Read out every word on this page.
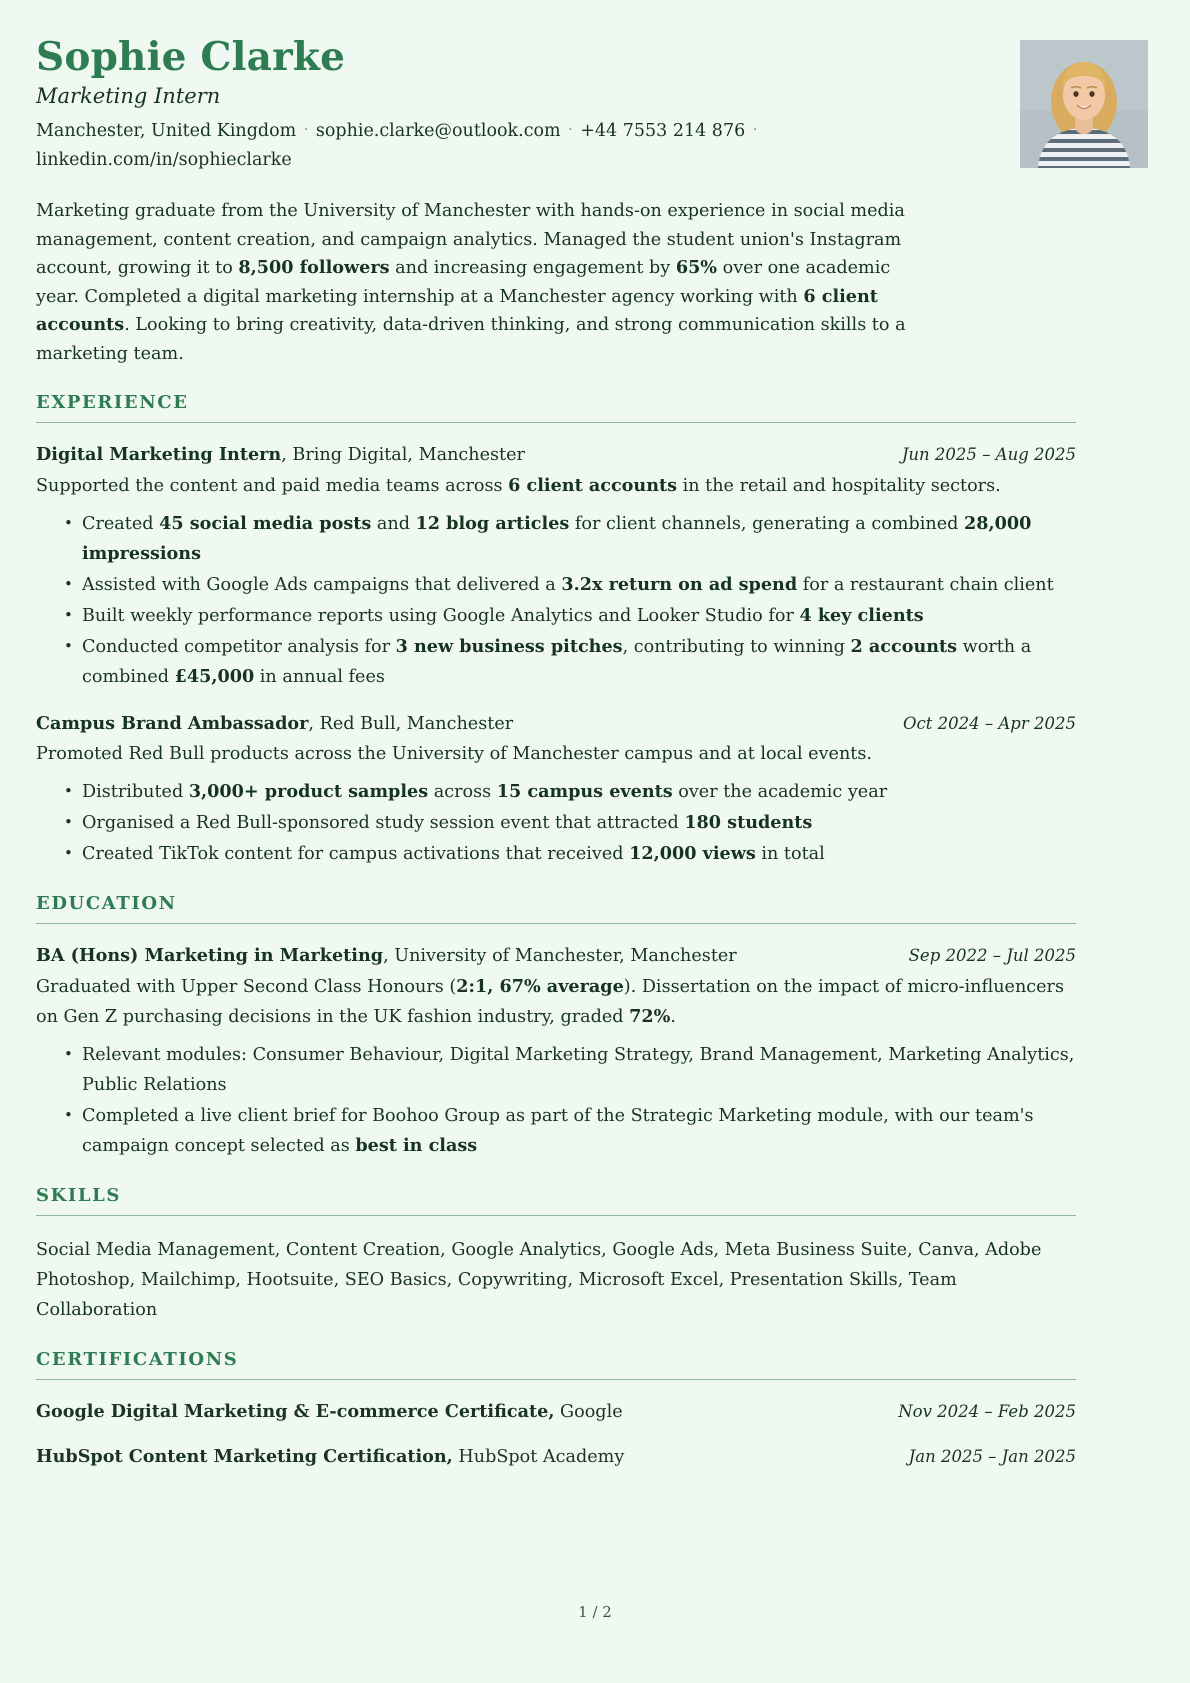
Sophie Clarke
Marketing Intern
Manchester, United Kingdom · sophie.clarke@outlook.com · +44 7553 214 876 · linkedin.com/in/sophieclarke

Marketing graduate from the University of Manchester with hands-on experience in social media management, content creation, and campaign analytics. Managed the student union's Instagram account, growing it to 8,500 followers and increasing engagement by 65% over one academic year. Completed a digital marketing internship at a Manchester agency working with 6 client accounts. Looking to bring creativity, data-driven thinking, and strong communication skills to a marketing team.

EXPERIENCE
Digital Marketing Intern, Bring Digital, Manchester	Jun 2025 – Aug 2025
Supported the content and paid media teams across 6 client accounts in the retail and hospitality sectors.
• Created 45 social media posts and 12 blog articles for client channels, generating a combined 28,000 impressions
• Assisted with Google Ads campaigns that delivered a 3.2x return on ad spend for a restaurant chain client
• Built weekly performance reports using Google Analytics and Looker Studio for 4 key clients
• Conducted competitor analysis for 3 new business pitches, contributing to winning 2 accounts worth a combined £45,000 in annual fees
Campus Brand Ambassador, Red Bull, Manchester	Oct 2024 – Apr 2025
Promoted Red Bull products across the University of Manchester campus and at local events.
• Distributed 3,000+ product samples across 15 campus events over the academic year
• Organised a Red Bull-sponsored study session event that attracted 180 students
• Created TikTok content for campus activations that received 12,000 views in total
EDUCATION
BA (Hons) Marketing in Marketing, University of Manchester, Manchester	Sep 2022 – Jul 2025
Graduated with Upper Second Class Honours (2:1, 67% average). Dissertation on the impact of micro-influencers on Gen Z purchasing decisions in the UK fashion industry, graded 72%.
• Relevant modules: Consumer Behaviour, Digital Marketing Strategy, Brand Management, Marketing Analytics, Public Relations
• Completed a live client brief for Boohoo Group as part of the Strategic Marketing module, with our team's campaign concept selected as best in class
SKILLS
Social Media Management, Content Creation, Google Analytics, Google Ads, Meta Business Suite, Canva, Adobe Photoshop, Mailchimp, Hootsuite, SEO Basics, Copywriting, Microsoft Excel, Presentation Skills, Team Collaboration
CERTIFICATIONS
Google Digital Marketing & E-commerce Certificate, Google	Nov 2024 – Feb 2025
HubSpot Content Marketing Certification, HubSpot Academy	Jan 2025 – Jan 2025
1 / 2
